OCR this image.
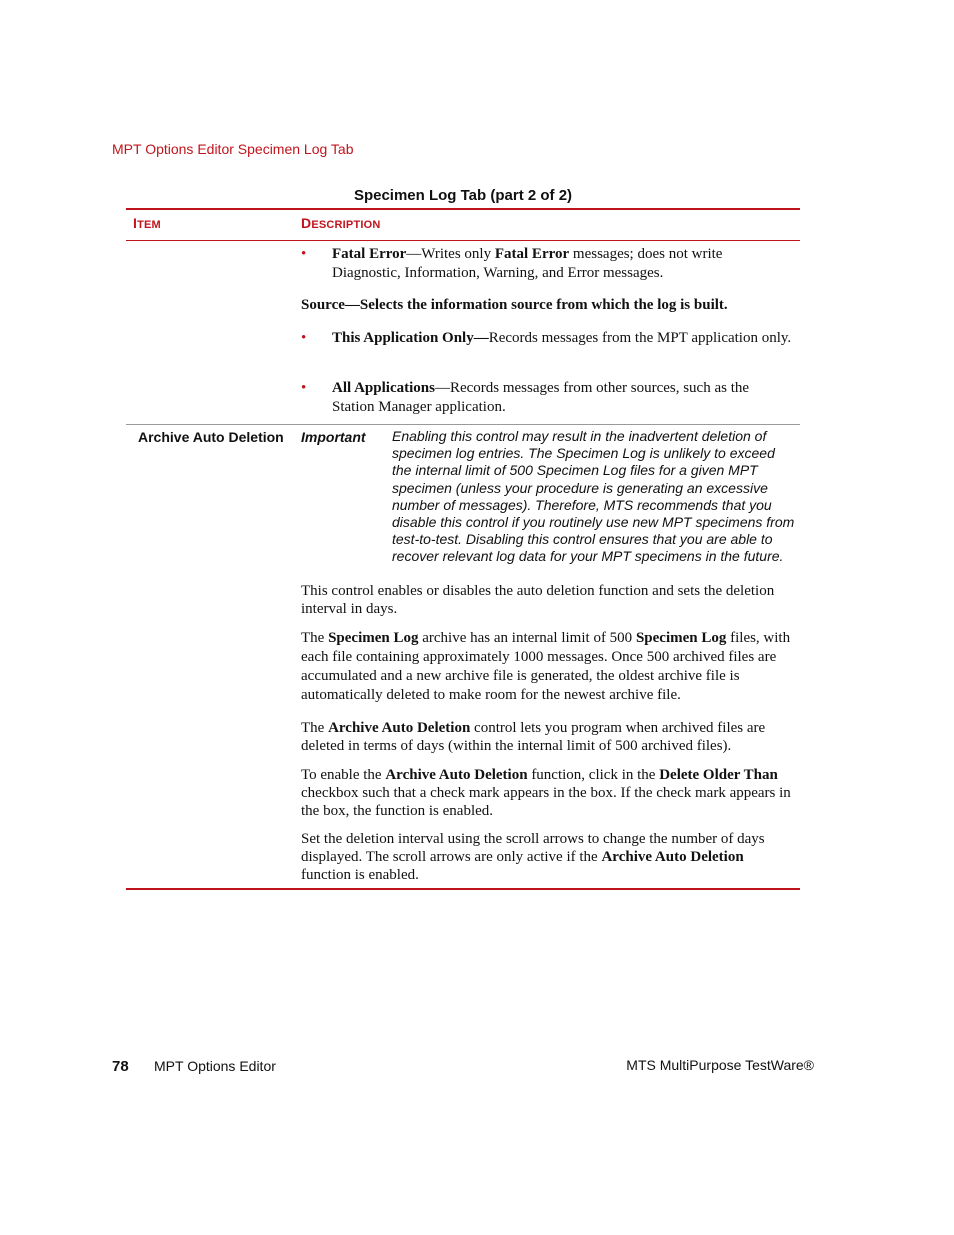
MPT Options Editor Specimen Log Tab
Specimen Log Tab (part 2 of 2)
ITEM	DESCRIPTION
• Fatal Error—Writes only Fatal Error messages; does not write Diagnostic, Information, Warning, and Error messages.

Source—Selects the information source from which the log is built.

• This Application Only—Records messages from the MPT application only.
• All Applications—Records messages from other sources, such as the Station Manager application.
Archive Auto Deletion Important Enabling this control may result in the inadvertent deletion of specimen log entries. The Specimen Log is unlikely to exceed the internal limit of 500 Specimen Log files for a given MPT specimen (unless your procedure is generating an excessive number of messages). Therefore, MTS recommends that you disable this control if you routinely use new MPT specimens from test-to-test. Disabling this control ensures that you are able to recover relevant log data for your MPT specimens in the future.

This control enables or disables the auto deletion function and sets the deletion interval in days.

The Specimen Log archive has an internal limit of 500 Specimen Log files, with each file containing approximately 1000 messages. Once 500 archived files are accumulated and a new archive file is generated, the oldest archive file is automatically deleted to make room for the newest archive file.

The Archive Auto Deletion control lets you program when archived files are deleted in terms of days (within the internal limit of 500 archived files).

To enable the Archive Auto Deletion function, click in the Delete Older Than checkbox such that a check mark appears in the box. If the check mark appears in the box, the function is enabled.

Set the deletion interval using the scroll arrows to change the number of days displayed. The scroll arrows are only active if the Archive Auto Deletion function is enabled.

78 MPT Options Editor	MTS MultiPurpose TestWare®
